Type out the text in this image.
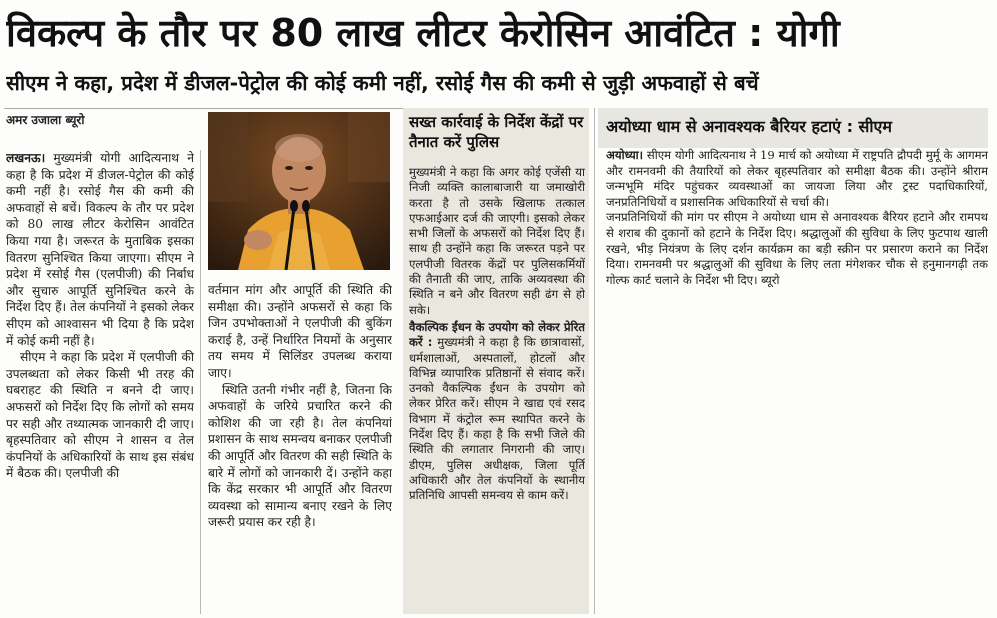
विकल्प के तौर पर 80 लाख लीटर केरोसिन आवंटित : योगी
सीएम ने कहा, प्रदेश में डीजल-पेट्रोल की कोई कमी नहीं, रसोई गैस की कमी से जुड़ी अफवाहों से बचें
अमर उजाला ब्यूरो

लखनऊ। मुख्यमंत्री योगी आदित्यनाथ ने कहा है कि प्रदेश में डीजल-पेट्रोल की कोई कमी नहीं है। रसोई गैस की कमी की अफवाहों से बचें। विकल्प के तौर पर प्रदेश को 80 लाख लीटर केरोसिन आवंटित किया गया है। जरूरत के मुताबिक इसका वितरण सुनिश्चित किया जाएगा। सीएम ने प्रदेश में रसोई गैस (एलपीजी) की निर्बाध और सुचारु आपूर्ति सुनिश्चित करने के निर्देश दिए हैं। तेल कंपनियों ने इसको लेकर सीएम को आश्वासन भी दिया है कि प्रदेश में कोई कमी नहीं है।

सीएम ने कहा कि प्रदेश में एलपीजी की उपलब्धता को लेकर किसी भी तरह की घबराहट की स्थिति न बनने दी जाए। अफसरों को निर्देश दिए कि लोगों को समय पर सही और तथ्यात्मक जानकारी दी जाए। बृहस्पतिवार को सीएम ने शासन व तेल कंपनियों के अधिकारियों के साथ इस संबंध में बैठक की। एलपीजी की

वर्तमान मांग और आपूर्ति की स्थिति की समीक्षा की। उन्होंने अफसरों से कहा कि जिन उपभोक्ताओं ने एलपीजी की बुकिंग कराई है, उन्हें निर्धारित नियमों के अनुसार तय समय में सिलिंडर उपलब्ध कराया जाए।

स्थिति उतनी गंभीर नहीं है, जितना कि अफवाहों के जरिये प्रचारित करने की कोशिश की जा रही है। तेल कंपनियां प्रशासन के साथ समन्वय बनाकर एलपीजी की आपूर्ति और वितरण की सही स्थिति के बारे में लोगों को जानकारी दें। उन्होंने कहा कि केंद्र सरकार भी आपूर्ति और वितरण व्यवस्था को सामान्य बनाए रखने के लिए जरूरी प्रयास कर रही है।

सख्त कार्रवाई के निर्देश केंद्रों पर तैनात करें पुलिस

मुख्यमंत्री ने कहा कि अगर कोई एजेंसी या निजी व्यक्ति कालाबाजारी या जमाखोरी करता है तो उसके खिलाफ तत्काल एफआईआर दर्ज की जाएगी। इसको लेकर सभी जिलों के अफसरों को निर्देश दिए हैं। साथ ही उन्होंने कहा कि जरूरत पड़ने पर एलपीजी वितरक केंद्रों पर पुलिसकर्मियों की तैनाती की जाए, ताकि अव्यवस्था की स्थिति न बने और वितरण सही ढंग से हो सके।

वैकल्पिक ईंधन के उपयोग को लेकर प्रेरित करें : मुख्यमंत्री ने कहा है कि छात्रावासों, धर्मशालाओं, अस्पतालों, होटलों और विभिन्न व्यापारिक प्रतिष्ठानों से संवाद करें। उनको वैकल्पिक ईंधन के उपयोग को लेकर प्रेरित करें। सीएम ने खाद्य एवं रसद विभाग में कंट्रोल रूम स्थापित करने के निर्देश दिए हैं। कहा है कि सभी जिले की स्थिति की लगातार निगरानी की जाए। डीएम, पुलिस अधीक्षक, जिला पूर्ति अधिकारी और तेल कंपनियों के स्थानीय प्रतिनिधि आपसी समन्वय से काम करें।

अयोध्या धाम से अनावश्यक बैरियर हटाएं : सीएम

अयोध्या। सीएम योगी आदित्यनाथ ने 19 मार्च को अयोध्या में राष्ट्रपति द्रौपदी मुर्मू के आगमन और रामनवमी की तैयारियों को लेकर बृहस्पतिवार को समीक्षा बैठक की। उन्होंने श्रीराम जन्मभूमि मंदिर पहुंचकर व्यवस्थाओं का जायजा लिया और ट्रस्ट पदाधिकारियों, जनप्रतिनिधियों व प्रशासनिक अधिकारियों से चर्चा की।

जनप्रतिनिधियों की मांग पर सीएम ने अयोध्या धाम से अनावश्यक बैरियर हटाने और रामपथ से शराब की दुकानों को हटाने के निर्देश दिए। श्रद्धालुओं की सुविधा के लिए फुटपाथ खाली रखने, भीड़ नियंत्रण के लिए दर्शन कार्यक्रम का बड़ी स्क्रीन पर प्रसारण कराने का निर्देश दिया। रामनवमी पर श्रद्धालुओं की सुविधा के लिए लता मंगेशकर चौक से हनुमानगढ़ी तक गोल्फ कार्ट चलाने के निर्देश भी दिए। ब्यूरो
